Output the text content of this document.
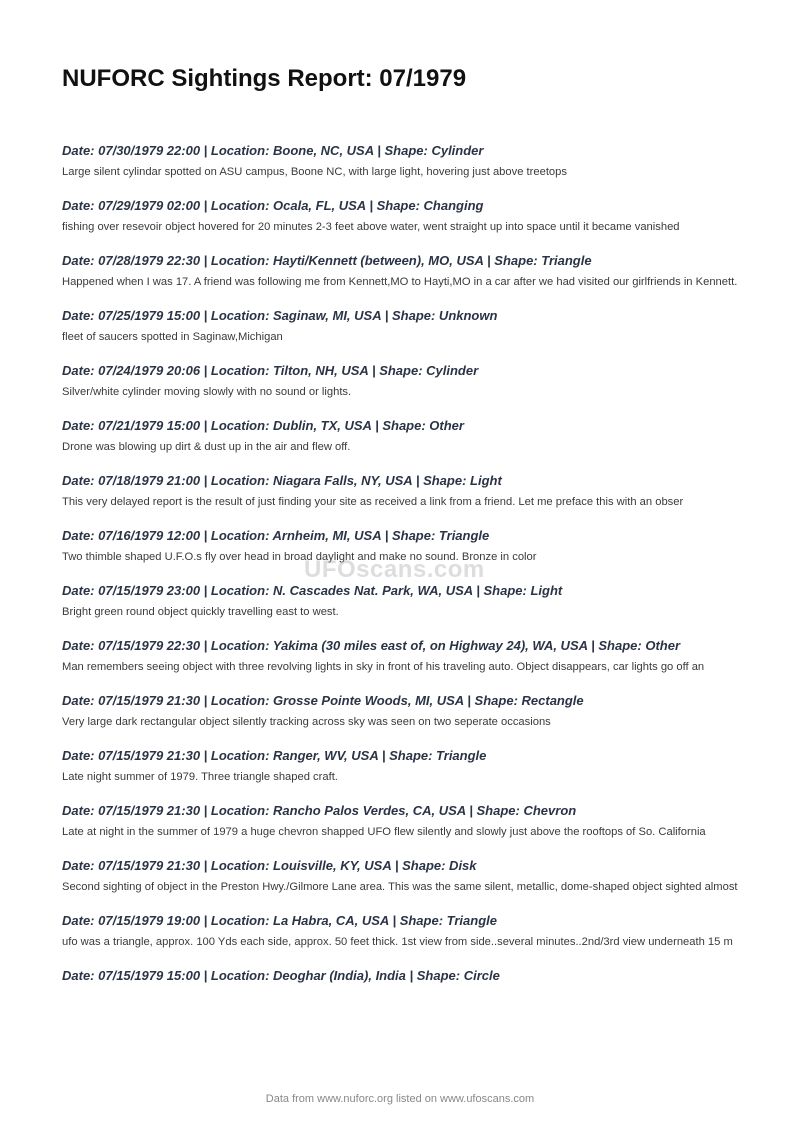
NUFORC Sightings Report: 07/1979
Date: 07/30/1979 22:00 | Location: Boone, NC, USA | Shape: Cylinder
Large silent cylindar spotted on ASU campus, Boone NC, with large light, hovering just above treetops
Date: 07/29/1979 02:00 | Location: Ocala, FL, USA | Shape: Changing
fishing over resevoir object hovered for 20 minutes 2-3 feet above water, went straight up into space until it became vanished
Date: 07/28/1979 22:30 | Location: Hayti/Kennett (between), MO, USA | Shape: Triangle
Happened when I was 17. A friend was following me from Kennett,MO to Hayti,MO in a car after we had visited our girlfriends in Kennett.
Date: 07/25/1979 15:00 | Location: Saginaw, MI, USA | Shape: Unknown
fleet of saucers spotted in Saginaw,Michigan
Date: 07/24/1979 20:06 | Location: Tilton, NH, USA | Shape: Cylinder
Silver/white cylinder moving slowly with no sound or lights.
Date: 07/21/1979 15:00 | Location: Dublin, TX, USA | Shape: Other
Drone was blowing up dirt & dust up in the air and flew off.
Date: 07/18/1979 21:00 | Location: Niagara Falls, NY, USA | Shape: Light
This very delayed report is the result of just finding your site as received a link from a friend. Let me preface this with an obser
Date: 07/16/1979 12:00 | Location: Arnheim, MI, USA | Shape: Triangle
Two thimble shaped U.F.O.s fly over head in broad daylight and make no sound. Bronze in color
Date: 07/15/1979 23:00 | Location: N. Cascades Nat. Park, WA, USA | Shape: Light
Bright green round object quickly travelling east to west.
Date: 07/15/1979 22:30 | Location: Yakima (30 miles east of, on Highway 24), WA, USA | Shape: Other
Man remembers seeing object with three revolving lights in sky in front of his traveling auto. Object disappears, car lights go off an
Date: 07/15/1979 21:30 | Location: Grosse Pointe Woods, MI, USA | Shape: Rectangle
Very large dark rectangular object silently tracking across sky was seen on two seperate occasions
Date: 07/15/1979 21:30 | Location: Ranger, WV, USA | Shape: Triangle
Late night summer of 1979. Three triangle shaped craft.
Date: 07/15/1979 21:30 | Location: Rancho Palos Verdes, CA, USA | Shape: Chevron
Late at night in the summer of 1979 a huge chevron shapped UFO flew silently and slowly just above the rooftops of So. California
Date: 07/15/1979 21:30 | Location: Louisville, KY, USA | Shape: Disk
Second sighting of object in the Preston Hwy./Gilmore Lane area. This was the same silent, metallic, dome-shaped object sighted almost
Date: 07/15/1979 19:00 | Location: La Habra, CA, USA | Shape: Triangle
ufo was a triangle, approx. 100 Yds each side, approx. 50 feet thick. 1st view from side..several minutes..2nd/3rd view underneath 15 m
Date: 07/15/1979 15:00 | Location: Deoghar (India), India | Shape: Circle
UFOscans.com
Data from www.nuforc.org listed on www.ufoscans.com
